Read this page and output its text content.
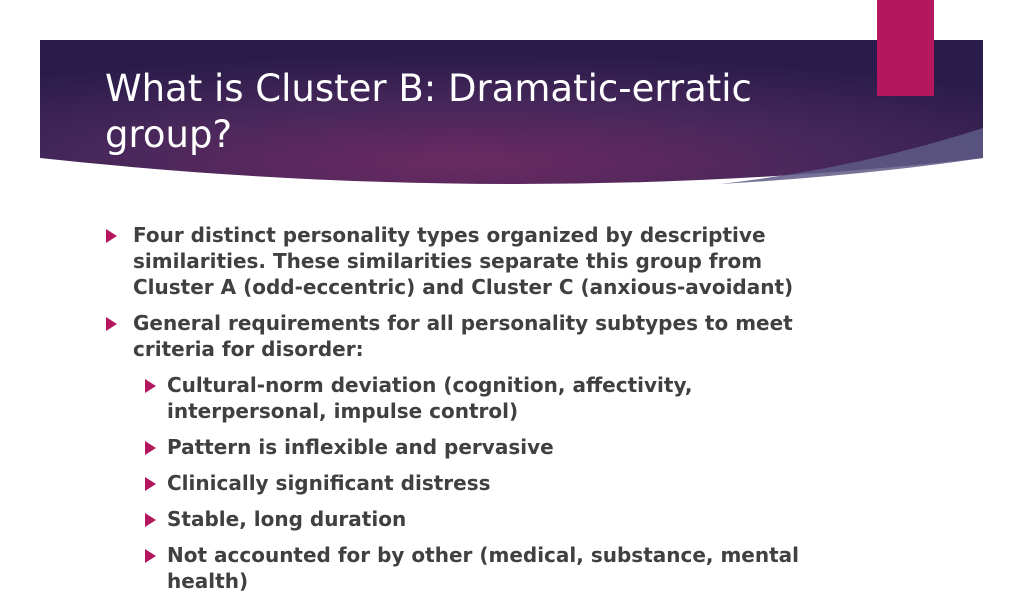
What is Cluster B: Dramatic-erratic group?
Four distinct personality types organized by descriptive similarities. These similarities separate this group from Cluster A (odd-eccentric) and Cluster C (anxious-avoidant)
General requirements for all personality subtypes to meet criteria for disorder:
Cultural-norm deviation (cognition, affectivity, interpersonal, impulse control)
Pattern is inflexible and pervasive
Clinically significant distress
Stable, long duration
Not accounted for by other (medical, substance, mental health)
